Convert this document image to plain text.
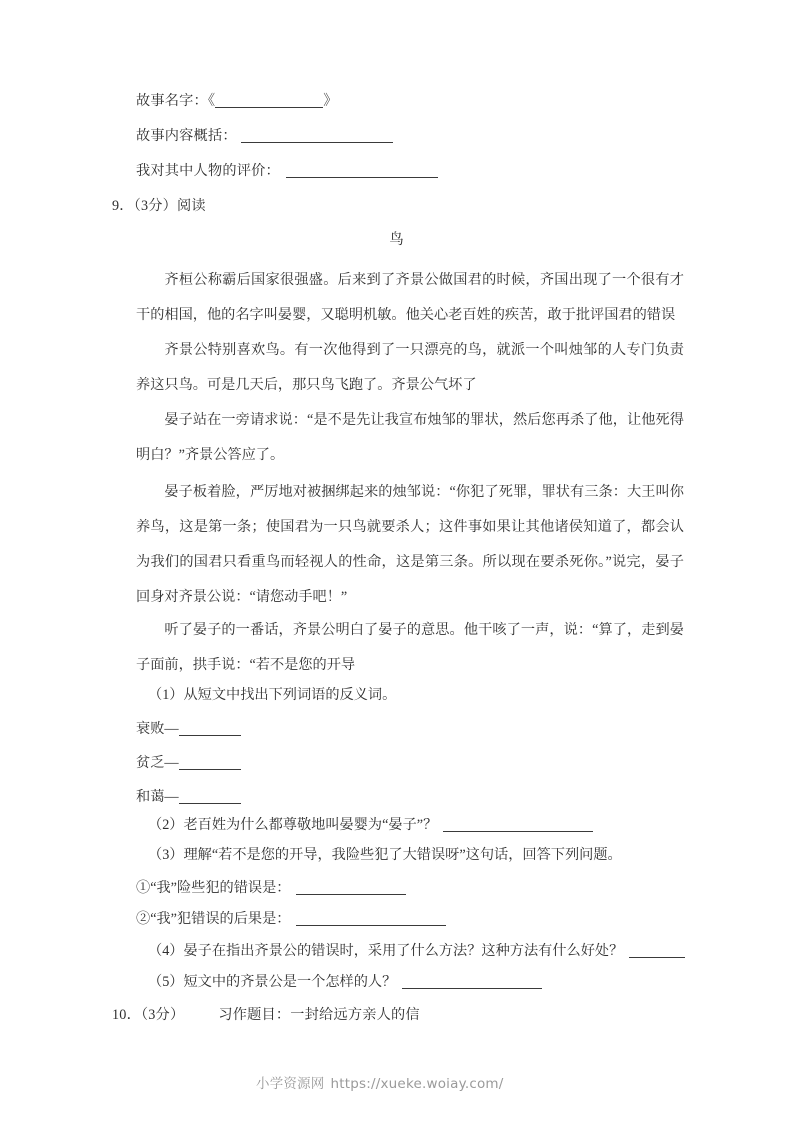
故事名字：《	》
故事内容概括：
我对其中人物的评价：
9．（3分）阅读
鸟
齐桓公称霸后国家很强盛。后来到了齐景公做国君的时候，齐国出现了一个很有才干的相国，他的名字叫晏婴，又聪明机敏。他关心老百姓的疾苦，敢于批评国君的错误
齐景公特别喜欢鸟。有一次他得到了一只漂亮的鸟，就派一个叫烛邹的人专门负责养这只鸟。可是几天后，那只鸟飞跑了。齐景公气坏了
晏子站在一旁请求说：“是不是先让我宣布烛邹的罪状，然后您再杀了他，让他死得明白？”齐景公答应了。
晏子板着脸，严厉地对被捆绑起来的烛邹说：“你犯了死罪，罪状有三条：大王叫你养鸟，这是第一条；使国君为一只鸟就要杀人；这件事如果让其他诸侯知道了，都会认为我们的国君只看重鸟而轻视人的性命，这是第三条。所以现在要杀死你。”说完，晏子回身对齐景公说：“请您动手吧！”
听了晏子的一番话，齐景公明白了晏子的意思。他干咳了一声，说：“算了，走到晏子面前，拱手说：“若不是您的开导
（1）从短文中找出下列词语的反义词。
衰败—
贫乏—
和蔼—
（2）老百姓为什么都尊敬地叫晏婴为“晏子”？
（3）理解“若不是您的开导，我险些犯了大错误呀”这句话，回答下列问题。
①“我”险些犯的错误是：
②“我”犯错误的后果是：
（4）晏子在指出齐景公的错误时，采用了什么方法？这种方法有什么好处？
（5）短文中的齐景公是一个怎样的人？
10．（3分） 习作题目：一封给远方亲人的信
小学资源网 https://xueke.woiay.com/
